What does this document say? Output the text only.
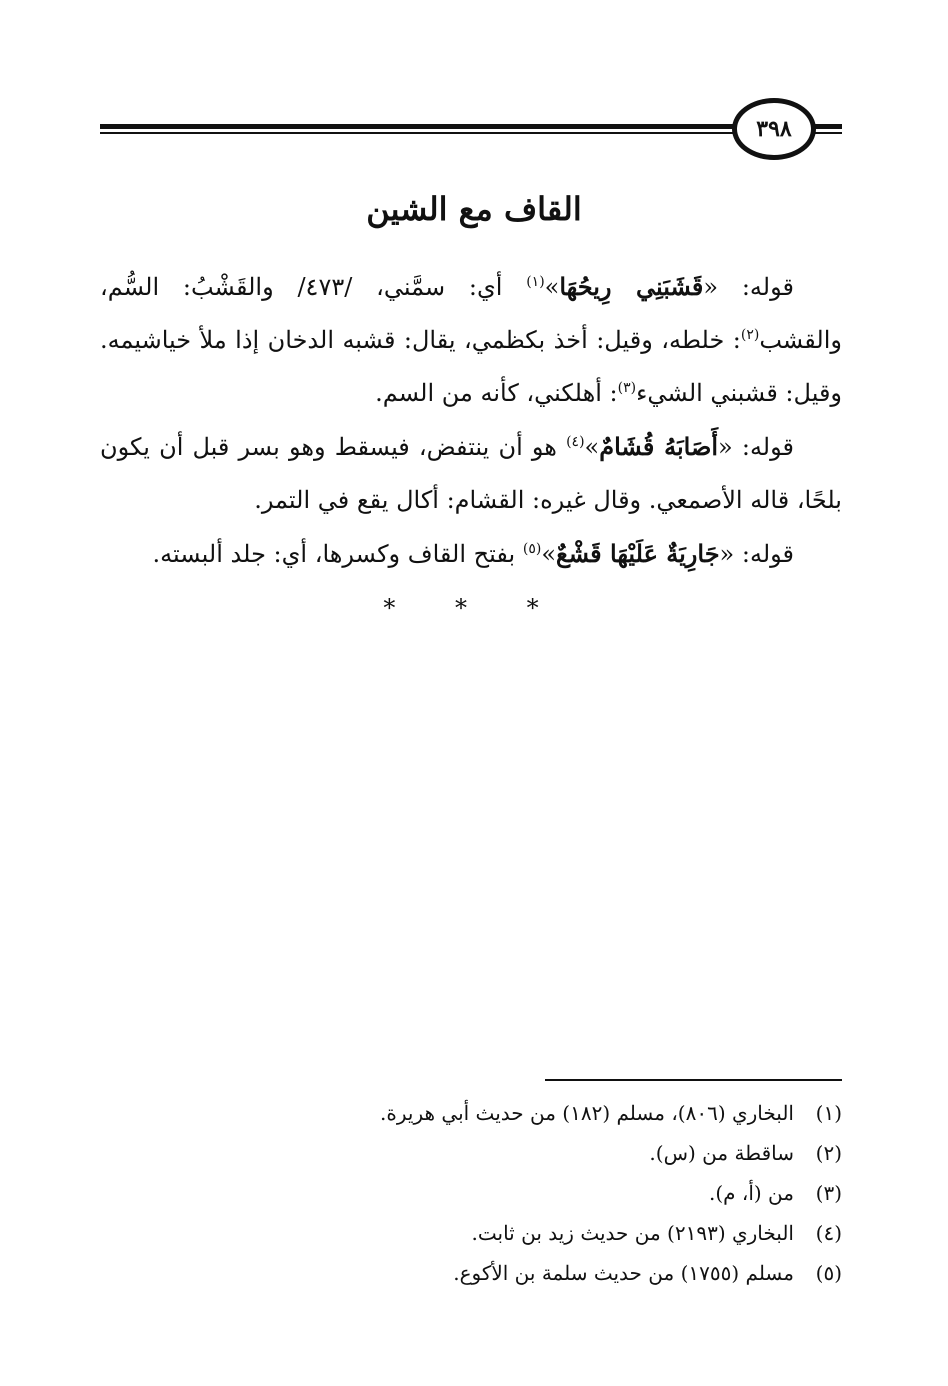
٣٩٨
القاف مع الشين

قوله: «قَشَبَنِي رِيحُهَا»$^{(١)}$ أي: سمَّني، /٤٧٣/ والقَشْبُ: السُّم، والقشب$^{(٢)}$: خلطه، وقيل: أخذ بكظمي، يقال: قشبه الدخان إذا ملأ خياشيمه. وقيل: قشبني الشيء$^{(٣)}$: أهلكني، كأنه من السم.

قوله: «أَصَابَهُ قُشَامٌ»$^{(٤)}$ هو أن ينتفض، فيسقط وهو بسر قبل أن يكون بلحًا، قاله الأصمعي. وقال غيره: القشام: أكال يقع في التمر.

قوله: «جَارِيَةٌ عَلَيْهَا قَشْعٌ»$^{(٥)}$ بفتح القاف وكسرها، أي: جلد ألبسته.

* * *
(١)
البخاري (٨٠٦)، مسلم (١٨٢) من حديث أبي هريرة.
(٢)
ساقطة من (س).
(٣)
من (أ، م).
(٤)
البخاري (٢١٩٣) من حديث زيد بن ثابت.
(٥)
مسلم (١٧٥٥) من حديث سلمة بن الأكوع.
